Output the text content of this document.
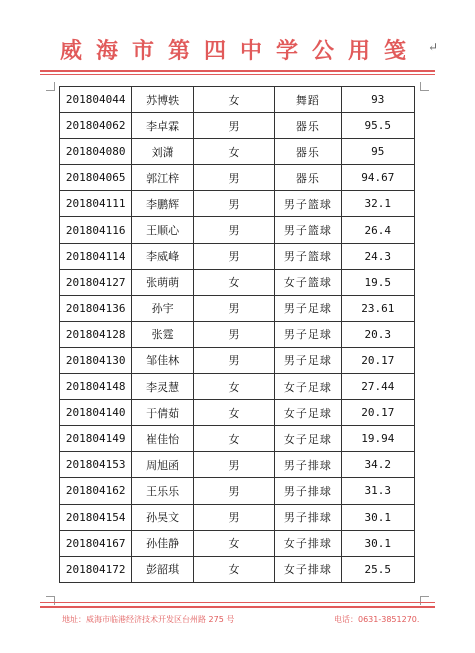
威海市第四中学公用笺 ↵
201804044	苏博轶	女	舞蹈	93
201804062	李卓霖	男	器乐	95.5
201804080	刘潇	女	器乐	95
201804065	郭江梓	男	器乐	94.67
201804111	李鹏辉	男	男子篮球	32.1
201804116	王顺心	男	男子篮球	26.4
201804114	李威峰	男	男子篮球	24.3
201804127	张萌萌	女	女子篮球	19.5
201804136	孙宇	男	男子足球	23.61
201804128	张霆	男	男子足球	20.3
201804130	邹佳林	男	男子足球	20.17
201804148	李灵慧	女	女子足球	27.44
201804140	于倩茹	女	女子足球	20.17
201804149	崔佳怡	女	女子足球	19.94
201804153	周旭函	男	男子排球	34.2
201804162	王乐乐	男	男子排球	31.3
201804154	孙昊文	男	男子排球	30.1
201804167	孙佳静	女	女子排球	30.1
201804172	彭韶琪	女	女子排球	25.5
地址：威海市临港经济技术开发区台州路 275 号	电话：0631-3851270.
